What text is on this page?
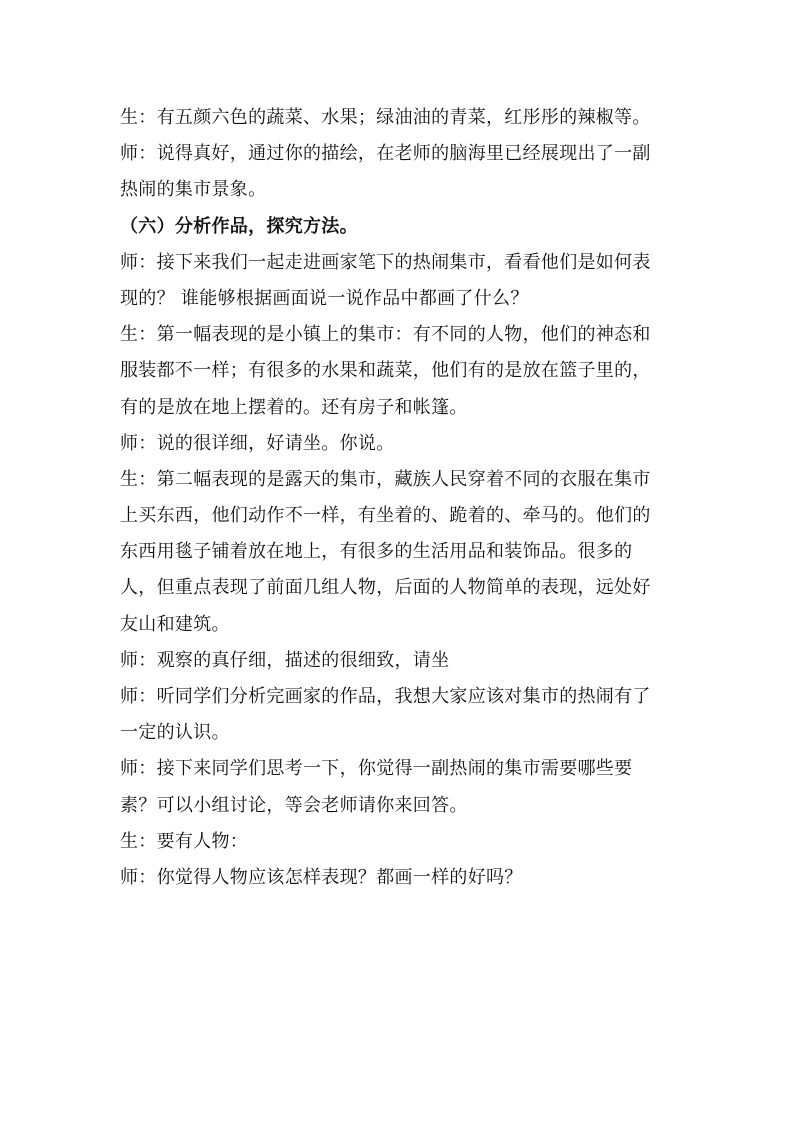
生：有五颜六色的蔬菜、水果；绿油油的青菜，红彤彤的辣椒等。
师：说得真好，通过你的描绘，在老师的脑海里已经展现出了一副
热闹的集市景象。
（六）分析作品，探究方法。
师：接下来我们一起走进画家笔下的热闹集市，看看他们是如何表
现的？ 谁能够根据画面说一说作品中都画了什么？
生：第一幅表现的是小镇上的集市：有不同的人物，他们的神态和
服装都不一样；有很多的水果和蔬菜，他们有的是放在篮子里的，
有的是放在地上摆着的。还有房子和帐篷。
师：说的很详细，好请坐。你说。
生：第二幅表现的是露天的集市，藏族人民穿着不同的衣服在集市
上买东西，他们动作不一样，有坐着的、跪着的、牵马的。他们的
东西用毯子铺着放在地上，有很多的生活用品和装饰品。很多的
人，但重点表现了前面几组人物，后面的人物简单的表现，远处好
友山和建筑。
师：观察的真仔细，描述的很细致，请坐
师：听同学们分析完画家的作品，我想大家应该对集市的热闹有了
一定的认识。
师：接下来同学们思考一下，你觉得一副热闹的集市需要哪些要
素？可以小组讨论，等会老师请你来回答。
生：要有人物：
师：你觉得人物应该怎样表现？都画一样的好吗？
